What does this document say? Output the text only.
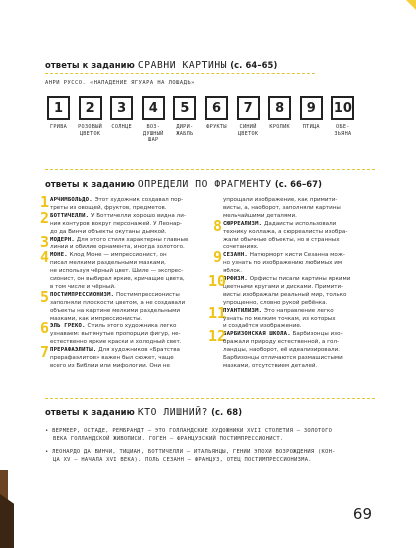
ответы к заданию СРАВНИ КАРТИНЫ (с. 64–65)
АНРИ РУССО. «НАПАДЕНИЕ ЯГУАРА НА ЛОШАДЬ»
1
ГРИВА
2
РОЗОВЫЙ ЦВЕТОК
3
СОЛНЦЕ
4
ВОЗ-ДУШНЫЙ ШАР
5
ДИРИ-ЖАБЛЬ
6
ФРУКТЫ
7
СИНИЙ ЦВЕТОК
8
КРОЛИК
9
ПТИЦА
10
ОБЕ-ЗЬЯНА
ответы к заданию ОПРЕДЕЛИ ПО ФРАГМЕНТУ (с. 66–67)
АРЧИМБОЛЬДО. Этот художник создавал пор-
1 треты из овощей, фруктов, предметов.
БОТТИЧЕЛЛИ. У Боттичелли хорошо видна ли-
2 ния контуров вокруг персонажей. У Леонар-
до да Винчи объекты окутаны дымкой.
МОДЕРН. Для этого стиля характерны главные
3 линии и обилие орнамента, иногда золотого.
МОНЕ. Клод Моне — импрессионист, он
4 писал мелкими раздельными мазками,
не используя чёрный цвет. Шиле — экспрес-
сионист, он выбирал яркие, кричащие цвета,
в том числе и чёрный.
ПОСТИМПРЕССИОНИЗМ. Постимпрессионисты
5 заполняли плоскости цветом, а не создавали
объекты на картине мелкими раздельными
мазками, как импрессионисты.
ЭЛЬ ГРЕКО. Стиль этого художника легко
6 узнаваем: вытянутые пропорции фигур, не-
естественно яркие краски и холодный свет.
ПРЕРАФАЭЛИТЫ. Для художников «Братства
7 прерафаэлитов» важен был сюжет, чаще
всего из Библии или мифологии. Они не
упрощали изображение, как примити-
висты, а, наоборот, заполняли картины
мельчайшими деталями.
СЮРРЕАЛИЗМ. Дадаисты использовали
8 технику коллажа, а сюрреалисты изобра-
жали обычные объекты, но в странных
сочетаниях.
СЕЗАНН. Натюрморт кисти Сезанна мож-
9 но узнать по изображению любимых им
яблок.
ОРФИЗМ. Орфисты писали картины яркими
10
цветными кругами и дисками. Примити-
висты изображали реальный мир, только
упрощенно, словно рукой ребёнка.
ПУАНТИЛИЗМ. Это направление легко
11
узнать по мелким точкам, из которых
и создаётся изображение.
БАРБИЗОНСКАЯ ШКОЛА. Барбизонцы изо-
12
бражали природу естественной, а гол-
ландцы, наоборот, её идеализировали.
Барбизонцы отличаются размашистыми
мазками, отсутствием деталей.
ответы к заданию КТО ЛИШНИЙ? (с. 68)
• ВЕРМЕЕР, ОСТАДЕ, РЕМБРАНДТ — ЭТО ГОЛЛАНДСКИЕ ХУДОЖНИКИ XVII СТОЛЕТИЯ — ЗОЛОТОГО
ВЕКА ГОЛЛАНДСКОЙ ЖИВОПИСИ. ГОГЕН — ФРАНЦУЗСКИЙ ПОСТИМПРЕССИОНИСТ.
• ЛЕОНАРДО ДА ВИНЧИ, ТИЦИАН, БОТТИЧЕЛЛИ — ИТАЛЬЯНЦЫ, ГЕНИИ ЭПОХИ ВОЗРОЖДЕНИЯ (КОН-
ЦА XV — НАЧАЛА XVI ВЕКА). ПОЛЬ СЕЗАНН — ФРАНЦУЗ, ОТЕЦ ПОСТИМПРЕССИОНИЗМА.
69
